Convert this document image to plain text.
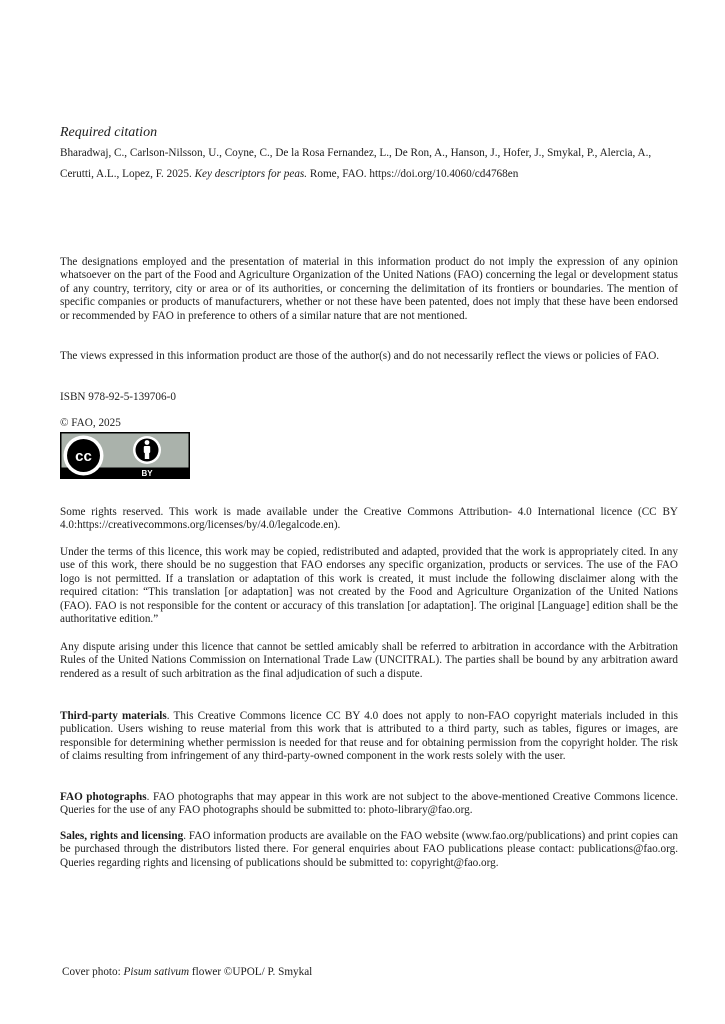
Required citation

Bharadwaj, C., Carlson-Nilsson, U., Coyne, C., De la Rosa Fernandez, L., De Ron, A., Hanson, J., Hofer, J., Smykal, P., Alercia, A., Cerutti, A.L., Lopez, F. 2025. Key descriptors for peas. Rome, FAO. https://doi.org/10.4060/cd4768en

The designations employed and the presentation of material in this information product do not imply the expression of any opinion whatsoever on the part of the Food and Agriculture Organization of the United Nations (FAO) concerning the legal or development status of any country, territory, city or area or of its authorities, or concerning the delimitation of its frontiers or boundaries. The mention of specific companies or products of manufacturers, whether or not these have been patented, does not imply that these have been endorsed or recommended by FAO in preference to others of a similar nature that are not mentioned.

The views expressed in this information product are those of the author(s) and do not necessarily reflect the views or policies of FAO.

ISBN 978-92-5-139706-0

© FAO, 2025

cc
BY

Some rights reserved. This work is made available under the Creative Commons Attribution- 4.0 International licence (CC BY 4.0:https://creativecommons.org/licenses/by/4.0/legalcode.en).

Under the terms of this licence, this work may be copied, redistributed and adapted, provided that the work is appropriately cited. In any use of this work, there should be no suggestion that FAO endorses any specific organization, products or services. The use of the FAO logo is not permitted. If a translation or adaptation of this work is created, it must include the following disclaimer along with the required citation: “This translation [or adaptation] was not created by the Food and Agriculture Organization of the United Nations (FAO). FAO is not responsible for the content or accuracy of this translation [or adaptation]. The original [Language] edition shall be the authoritative edition.”

Any dispute arising under this licence that cannot be settled amicably shall be referred to arbitration in accordance with the Arbitration Rules of the United Nations Commission on International Trade Law (UNCITRAL). The parties shall be bound by any arbitration award rendered as a result of such arbitration as the final adjudication of such a dispute.

Third-party materials. This Creative Commons licence CC BY 4.0 does not apply to non-FAO copyright materials included in this publication. Users wishing to reuse material from this work that is attributed to a third party, such as tables, figures or images, are responsible for determining whether permission is needed for that reuse and for obtaining permission from the copyright holder. The risk of claims resulting from infringement of any third-party-owned component in the work rests solely with the user.

FAO photographs. FAO photographs that may appear in this work are not subject to the above-mentioned Creative Commons licence. Queries for the use of any FAO photographs should be submitted to: photo-library@fao.org.

Sales, rights and licensing. FAO information products are available on the FAO website (www.fao.org/publications) and print copies can be purchased through the distributors listed there. For general enquiries about FAO publications please contact: publications@fao.org. Queries regarding rights and licensing of publications should be submitted to: copyright@fao.org.

Cover photo: Pisum sativum flower ©UPOL/ P. Smykal
